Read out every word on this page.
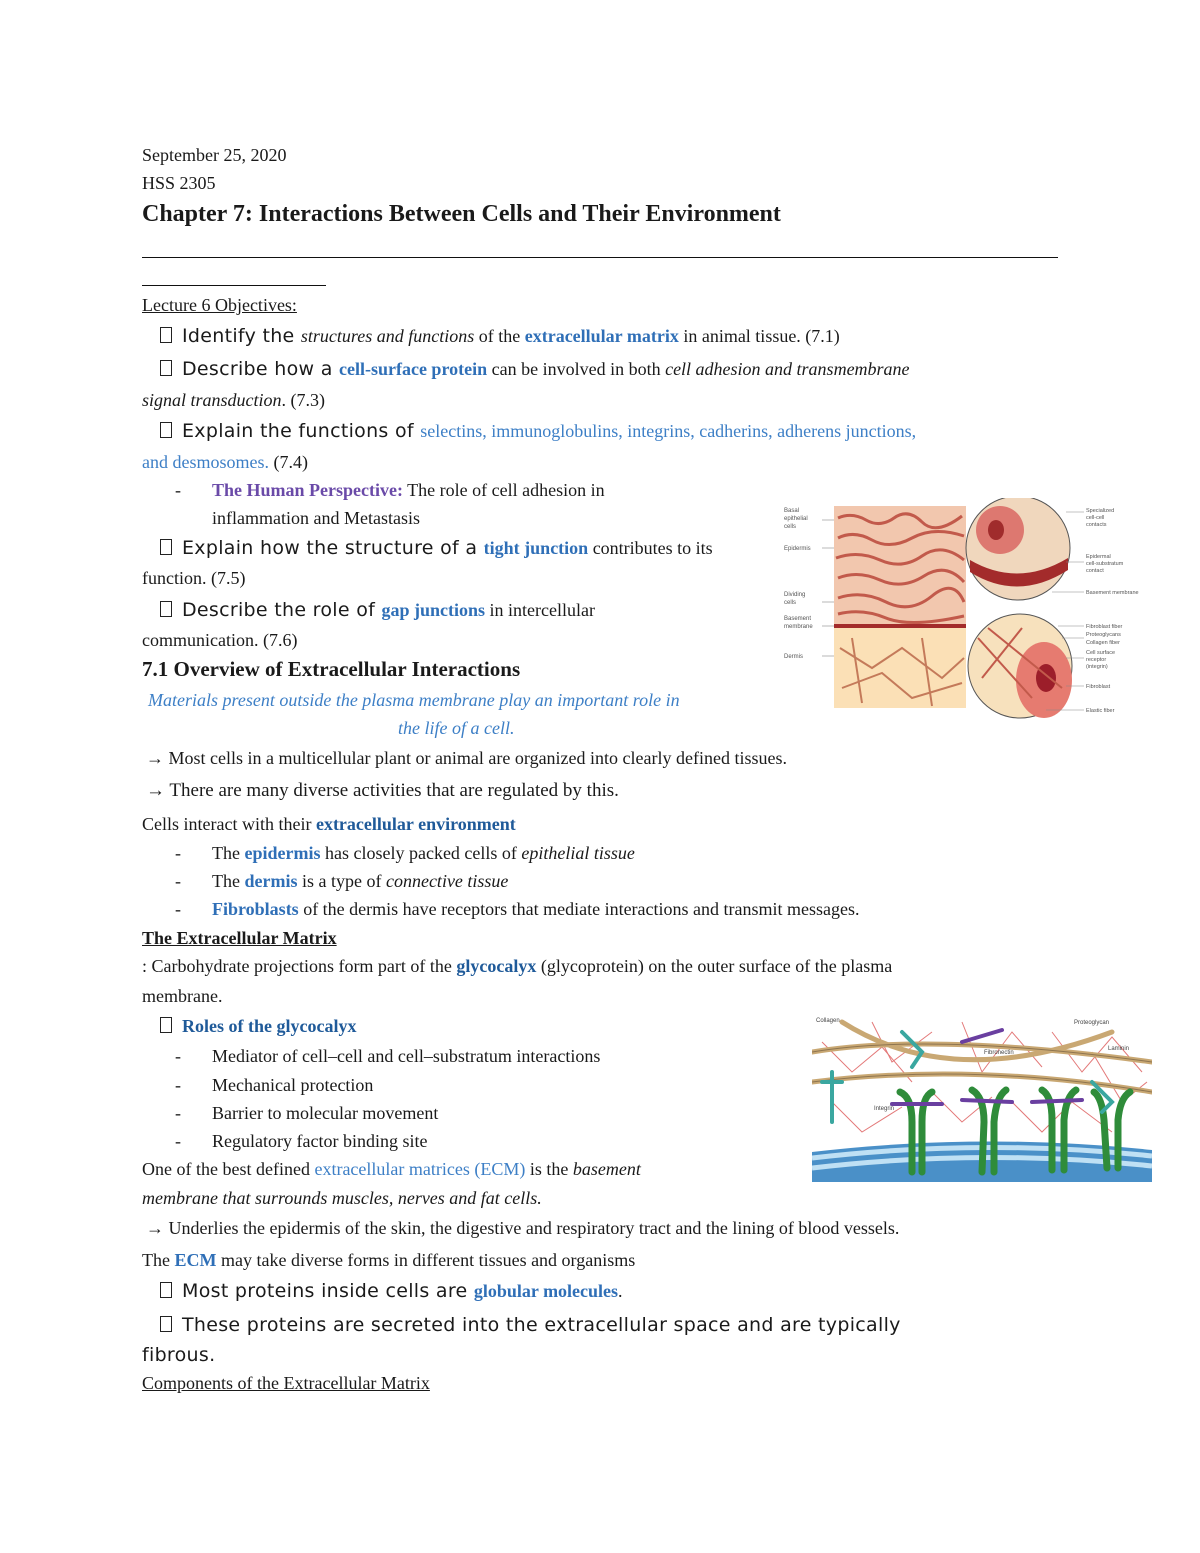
September 25, 2020
HSS 2305
Chapter 7: Interactions Between Cells and Their Environment
Lecture 6 Objectives:
Identify the structures and functions of the extracellular matrix in animal tissue. (7.1)
Describe how a cell-surface protein can be involved in both cell adhesion and transmembrane
signal transduction. (7.3)
Explain the functions of selectins, immunoglobulins, integrins, cadherins, adherens junctions,
and desmosomes. (7.4)
- The Human Perspective: The role of cell adhesion in
inflammation and Metastasis
Explain how the structure of a tight junction contributes to its
function. (7.5)
Describe the role of gap junctions in intercellular
communication. (7.6)
7.1 Overview of Extracellular Interactions
Materials present outside the plasma membrane play an important role in
the life of a cell.
→ Most cells in a multicellular plant or animal are organized into clearly defined tissues.
→ There are many diverse activities that are regulated by this.
Cells interact with their extracellular environment
- The epidermis has closely packed cells of epithelial tissue
- The dermis is a type of connective tissue
- Fibroblasts of the dermis have receptors that mediate interactions and transmit messages.
The Extracellular Matrix
: Carbohydrate projections form part of the glycocalyx (glycoprotein) on the outer surface of the plasma
membrane.
Roles of the glycocalyx
- Mediator of cell–cell and cell–substratum interactions
- Mechanical protection
- Barrier to molecular movement
- Regulatory factor binding site
One of the best defined extracellular matrices (ECM) is the basement
membrane that surrounds muscles, nerves and fat cells.
→ Underlies the epidermis of the skin, the digestive and respiratory tract and the lining of blood vessels.
The ECM may take diverse forms in different tissues and organisms
Most proteins inside cells are globular molecules.
These proteins are secreted into the extracellular space and are typically
fibrous.
Components of the Extracellular Matrix
Basal
epithelial
cells
Epidermis
Dividing
cells
Basement
membrane
Dermis
Specialized
cell-cell
contacts
Epidermal
cell-substratum
contact
Basement membrane
Fibroblast fiber
Proteoglycans
Collagen fiber
Cell surface
receptor
(integrin)
Fibroblast
Elastic fiber
Collagen	Proteoglycan
Fibronectin
Laminin
Integrin
